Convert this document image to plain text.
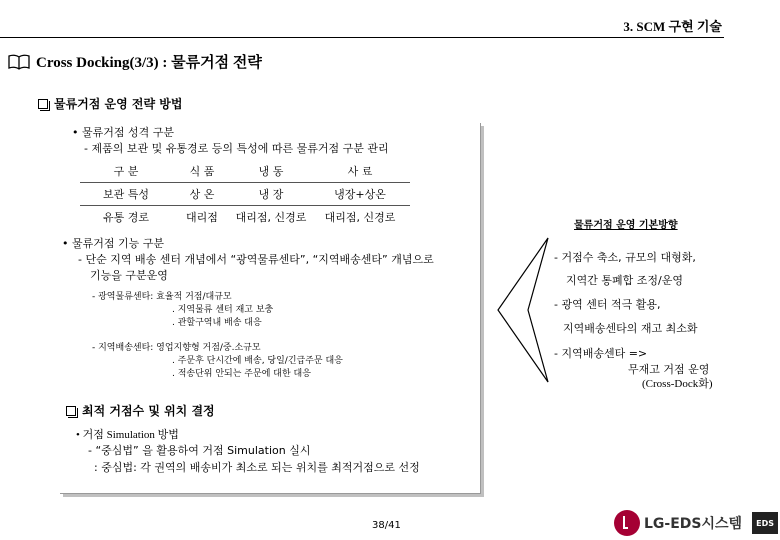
3. SCM 구현 기술
Cross Docking(3/3) : 물류거점 전략
물류거점 운영 전략 방법
• 물류거점 성격 구분
- 제품의 보관 및 유통경로 등의 특성에 따른 물류거점 구분 관리
구 분	식 품	냉 동	사 료
보관 특성	상 온	냉 장	냉장+상온
유통 경로	대리점	대리점, 신경로	대리점, 신경로
• 물류거점 기능 구분
- 단순 지역 배송 센터 개념에서 “광역물류센타”, “지역배송센타” 개념으로
기능을 구분운영
- 광역물류센타: 효율적 거점/대규모
. 지역물류 센터 재고 보충
. 관할구역내 배송 대응
- 지역배송센타: 영업지향형 거점/중.소규모
. 주문후 단시간에 배송, 당일/긴급주문 대응
. 적송단위 안되는 주문에 대한 대응
최적 거점수 및 위치 결정
• 거점 Simulation 방법
- “중심법” 을 활용하여 거점 Simulation 실시
: 중심법: 각 권역의 배송비가 최소로 되는 위치를 최적거점으로 선정
물류거점 운영 기본방향
- 거점수 축소, 규모의 대형화,
지역간 통폐합 조정/운영
- 광역 센터 적극 활용,
지역배송센타의 재고 최소화
- 지역배송센타 =>
무재고 거점 운영
(Cross-Dock화)
38/41	LG-EDS시스템	EDS
